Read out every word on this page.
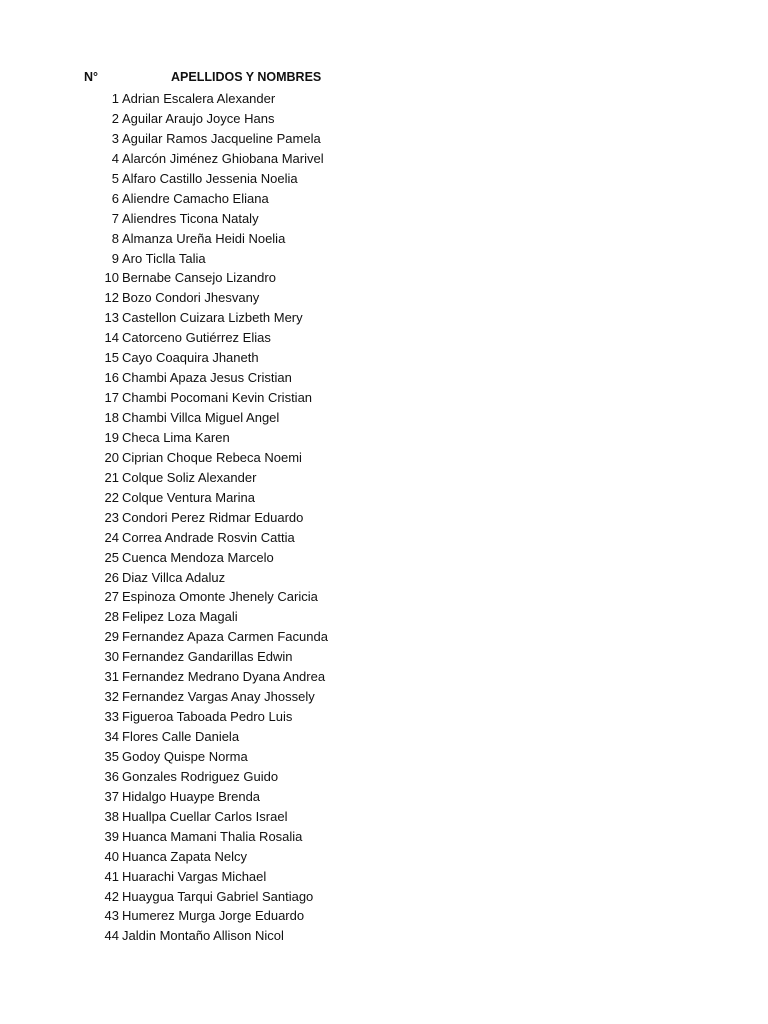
N°	APELLIDOS Y NOMBRES
1 Adrian Escalera Alexander
2 Aguilar Araujo Joyce Hans
3 Aguilar Ramos Jacqueline Pamela
4 Alarcón Jiménez Ghiobana Marivel
5 Alfaro Castillo Jessenia Noelia
6 Aliendre Camacho Eliana
7 Aliendres Ticona Nataly
8 Almanza Ureña Heidi Noelia
9 Aro Ticlla Talia
10 Bernabe Cansejo Lizandro
12 Bozo Condori Jhesvany
13 Castellon Cuizara Lizbeth Mery
14 Catorceno Gutiérrez Elias
15 Cayo Coaquira Jhaneth
16 Chambi Apaza Jesus Cristian
17 Chambi Pocomani Kevin Cristian
18 Chambi Villca Miguel Angel
19 Checa Lima Karen
20 Ciprian Choque Rebeca Noemi
21 Colque Soliz Alexander
22 Colque Ventura Marina
23 Condori Perez Ridmar Eduardo
24 Correa Andrade Rosvin Cattia
25 Cuenca Mendoza Marcelo
26 Diaz Villca Adaluz
27 Espinoza Omonte Jhenely Caricia
28 Felipez Loza Magali
29 Fernandez Apaza Carmen Facunda
30 Fernandez Gandarillas Edwin
31 Fernandez Medrano Dyana Andrea
32 Fernandez Vargas Anay Jhossely
33 Figueroa Taboada Pedro Luis
34 Flores Calle Daniela
35 Godoy Quispe Norma
36 Gonzales Rodriguez Guido
37 Hidalgo Huaype Brenda
38 Huallpa Cuellar Carlos Israel
39 Huanca Mamani Thalia Rosalia
40 Huanca Zapata Nelcy
41 Huarachi Vargas Michael
42 Huaygua Tarqui Gabriel Santiago
43 Humerez Murga Jorge Eduardo
44 Jaldin Montaño Allison Nicol
